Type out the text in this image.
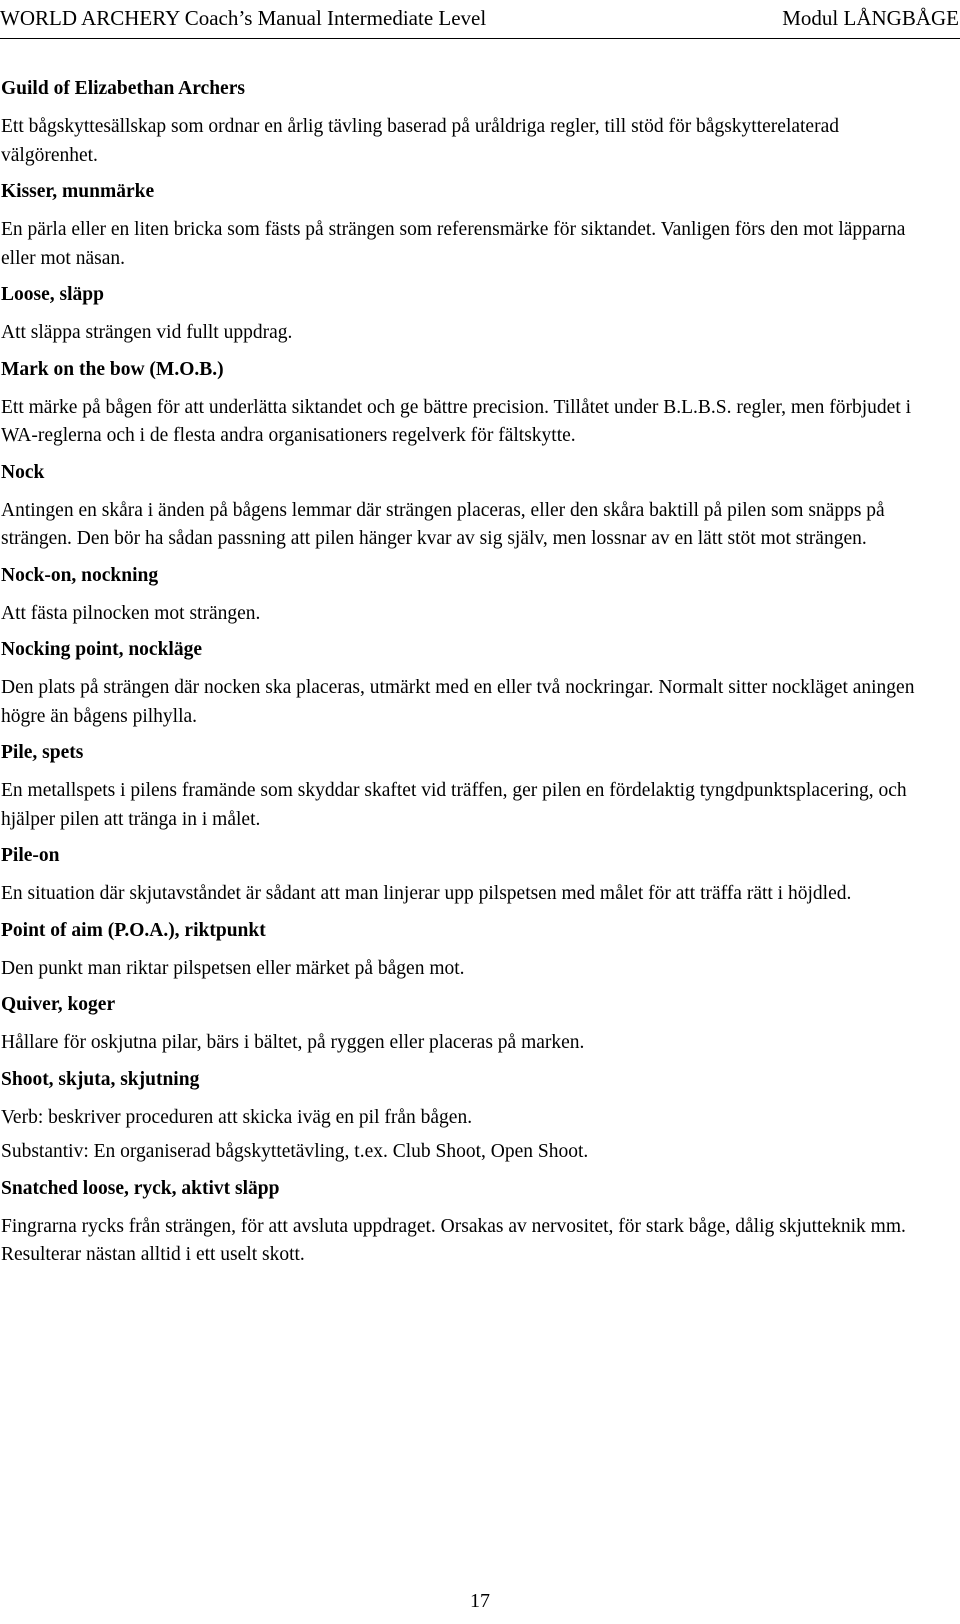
WORLD ARCHERY Coach’s Manual Intermediate Level	Modul LÅNGBÅGE
Guild of Elizabethan Archers
Ett bågskyttesällskap som ordnar en årlig tävling baserad på uråldriga regler, till stöd för bågskytterelaterad välgörenhet.
Kisser, munmärke
En pärla eller en liten bricka som fästs på strängen som referensmärke för siktandet. Vanligen förs den mot läpparna eller mot näsan.
Loose, släpp
Att släppa strängen vid fullt uppdrag.
Mark on the bow (M.O.B.)
Ett märke på bågen för att underlätta siktandet och ge bättre precision. Tillåtet under B.L.B.S. regler, men förbjudet i WA-reglerna och i de flesta andra organisationers regelverk för fältskytte.
Nock
Antingen en skåra i änden på bågens lemmar där strängen placeras, eller den skåra baktill på pilen som snäpps på strängen. Den bör ha sådan passning att pilen hänger kvar av sig själv, men lossnar av en lätt stöt mot strängen.
Nock-on, nockning
Att fästa pilnocken mot strängen.
Nocking point, nockläge
Den plats på strängen där nocken ska placeras, utmärkt med en eller två nockringar. Normalt sitter nockläget aningen högre än bågens pilhylla.
Pile, spets
En metallspets i pilens framände som skyddar skaftet vid träffen, ger pilen en fördelaktig tyngdpunktsplacering, och hjälper pilen att tränga in i målet.
Pile-on
En situation där skjutavståndet är sådant att man linjerar upp pilspetsen med målet för att träffa rätt i höjdled.
Point of aim (P.O.A.), riktpunkt
Den punkt man riktar pilspetsen eller märket på bågen mot.
Quiver, koger
Hållare för oskjutna pilar, bärs i bältet, på ryggen eller placeras på marken.
Shoot, skjuta, skjutning
Verb: beskriver proceduren att skicka iväg en pil från bågen.
Substantiv: En organiserad bågskyttetävling, t.ex. Club Shoot, Open Shoot.
Snatched loose, ryck, aktivt släpp
Fingrarna rycks från strängen, för att avsluta uppdraget. Orsakas av nervositet, för stark båge, dålig skjutteknik mm. Resulterar nästan alltid i ett uselt skott.
17
